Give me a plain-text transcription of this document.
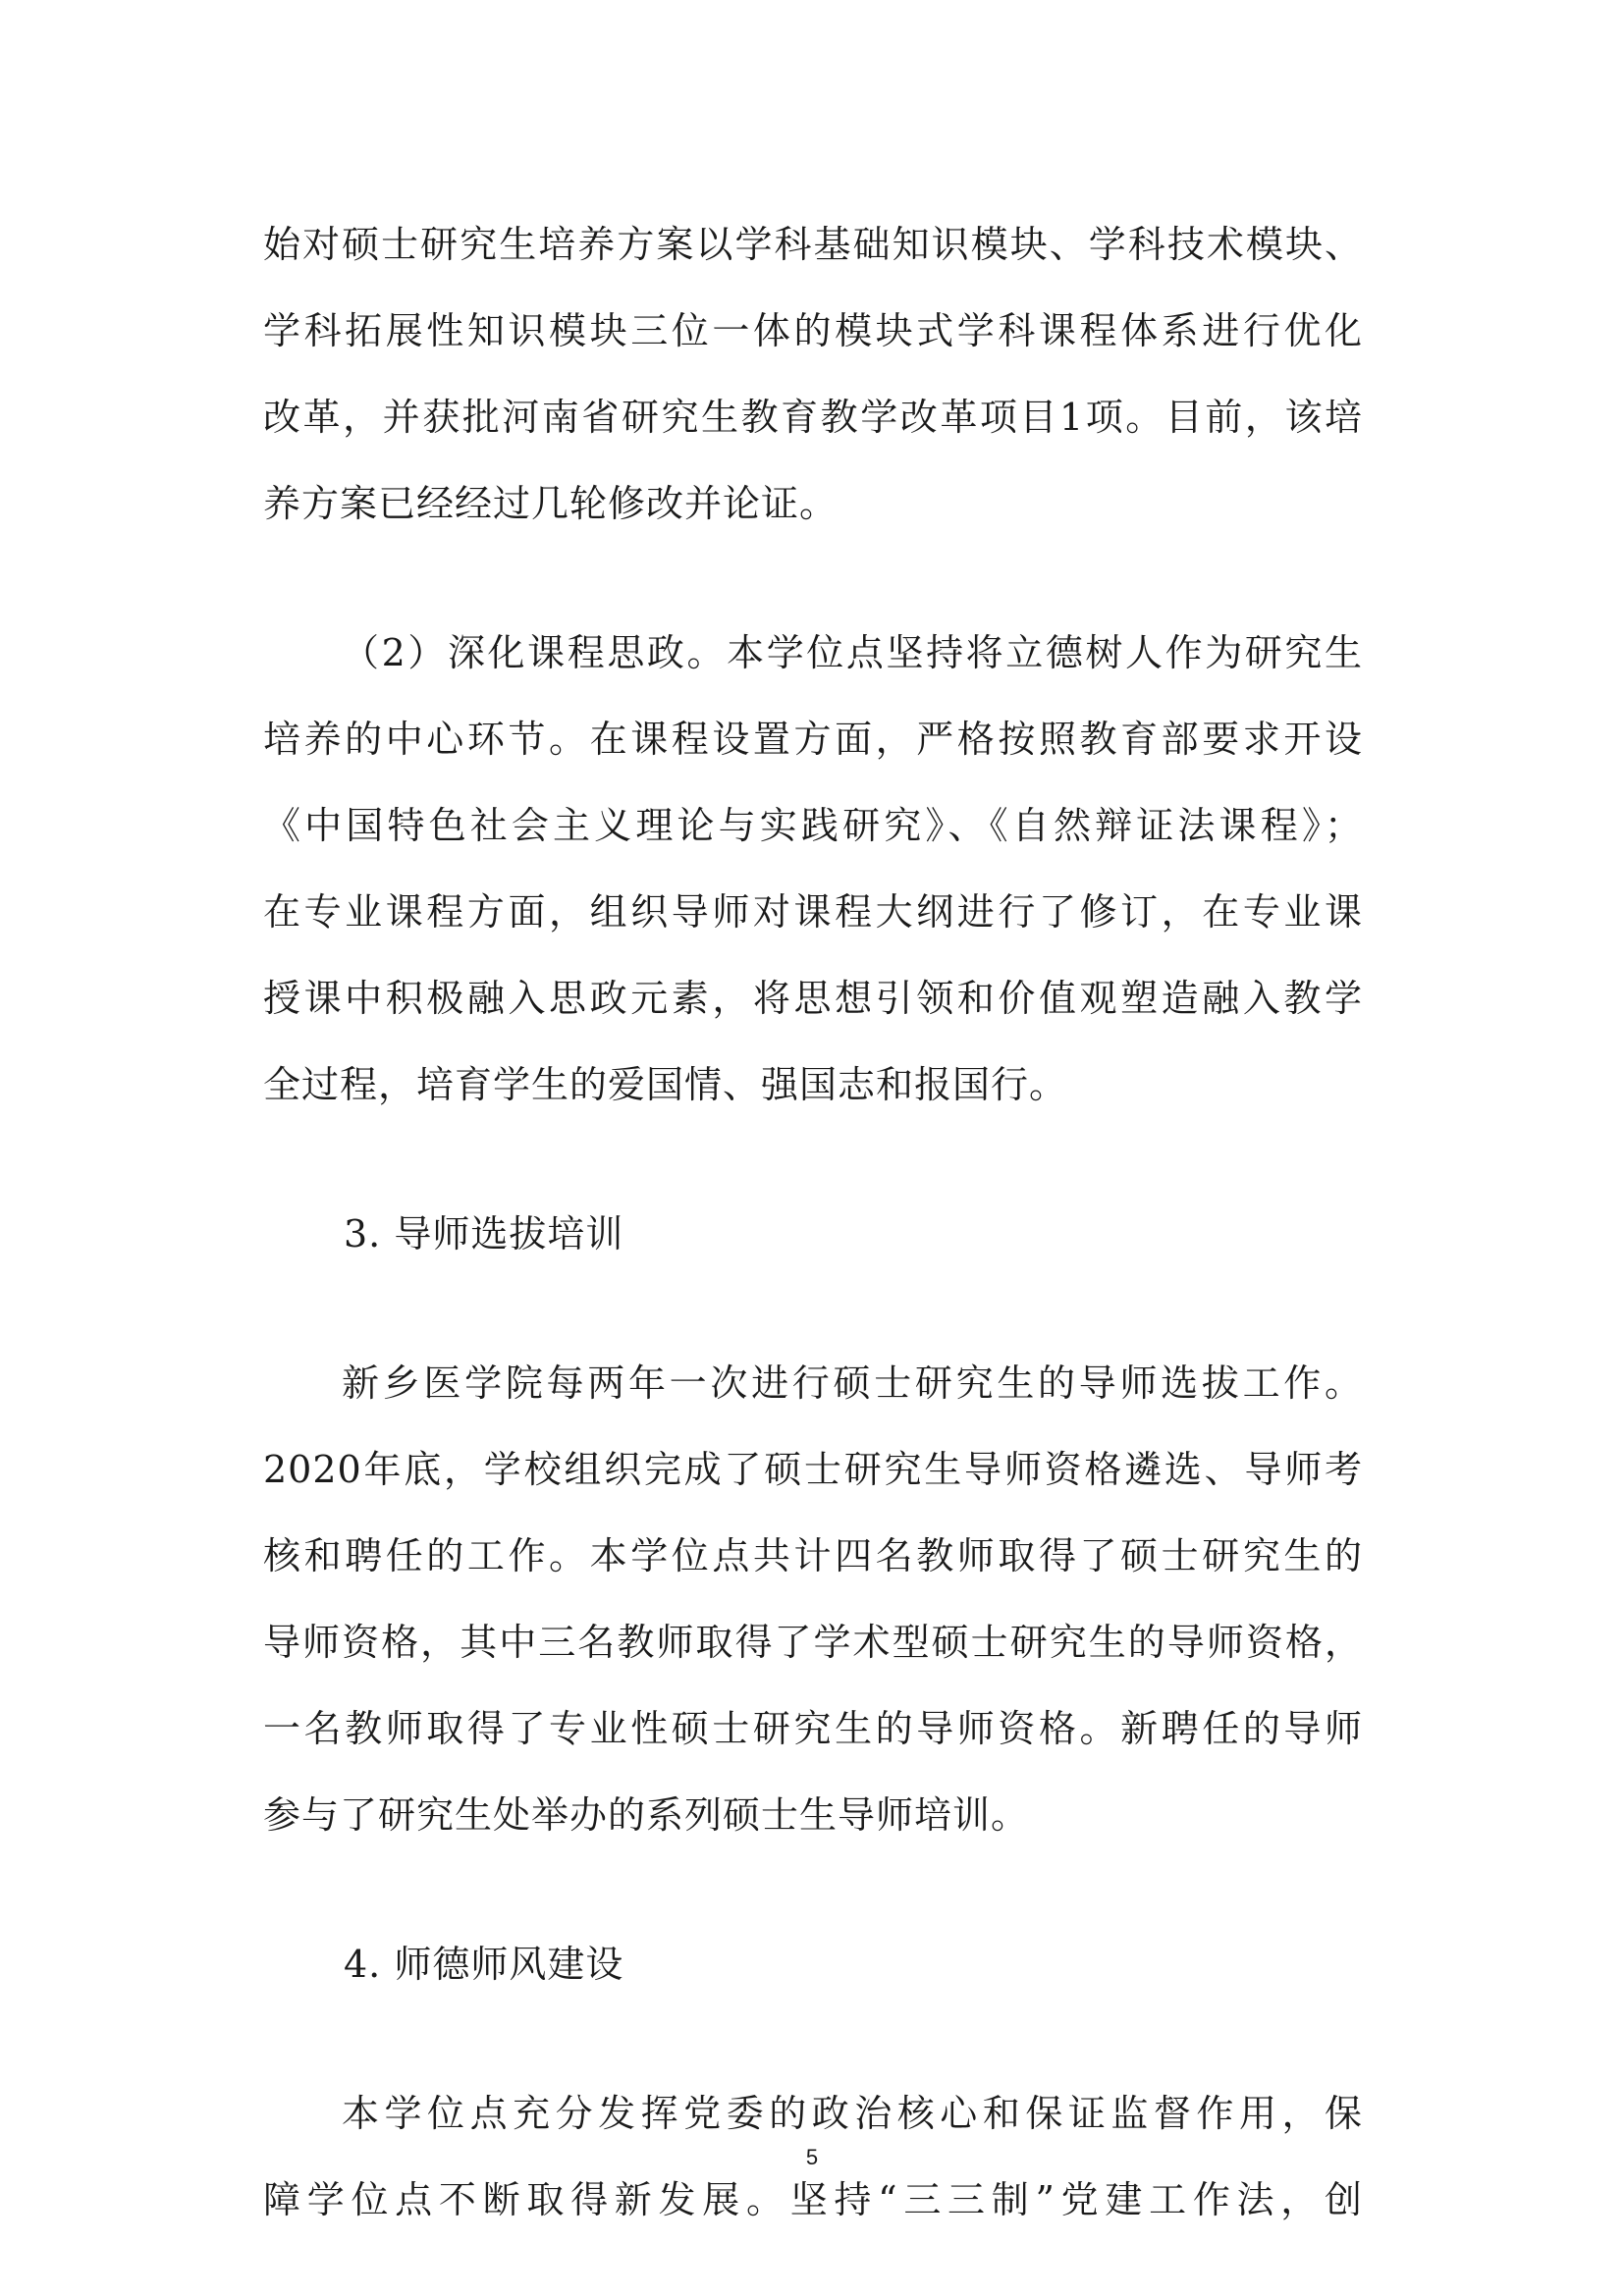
始对硕士研究生培养方案以学科基础知识模块、学科技术模块、
学科拓展性知识模块三位一体的模块式学科课程体系进行优化
改革，并获批河南省研究生教育教学改革项目1项。目前，该培
养方案已经经过几轮修改并论证。
（2）深化课程思政。本学位点坚持将立德树人作为研究生
培养的中心环节。在课程设置方面，严格按照教育部要求开设
《中国特色社会主义理论与实践研究》、《自然辩证法课程》；
在专业课程方面，组织导师对课程大纲进行了修订，在专业课
授课中积极融入思政元素，将思想引领和价值观塑造融入教学
全过程，培育学生的爱国情、强国志和报国行。
3. 导师选拔培训
新乡医学院每两年一次进行硕士研究生的导师选拔工作。
2020年底，学校组织完成了硕士研究生导师资格遴选、导师考
核和聘任的工作。本学位点共计四名教师取得了硕士研究生的
导师资格，其中三名教师取得了学术型硕士研究生的导师资格，
一名教师取得了专业性硕士研究生的导师资格。新聘任的导师
参与了研究生处举办的系列硕士生导师培训。
4. 师德师风建设
本学位点充分发挥党委的政治核心和保证监督作用，保
障学位点不断取得新发展。坚持“三三制”党建工作法，创
5
